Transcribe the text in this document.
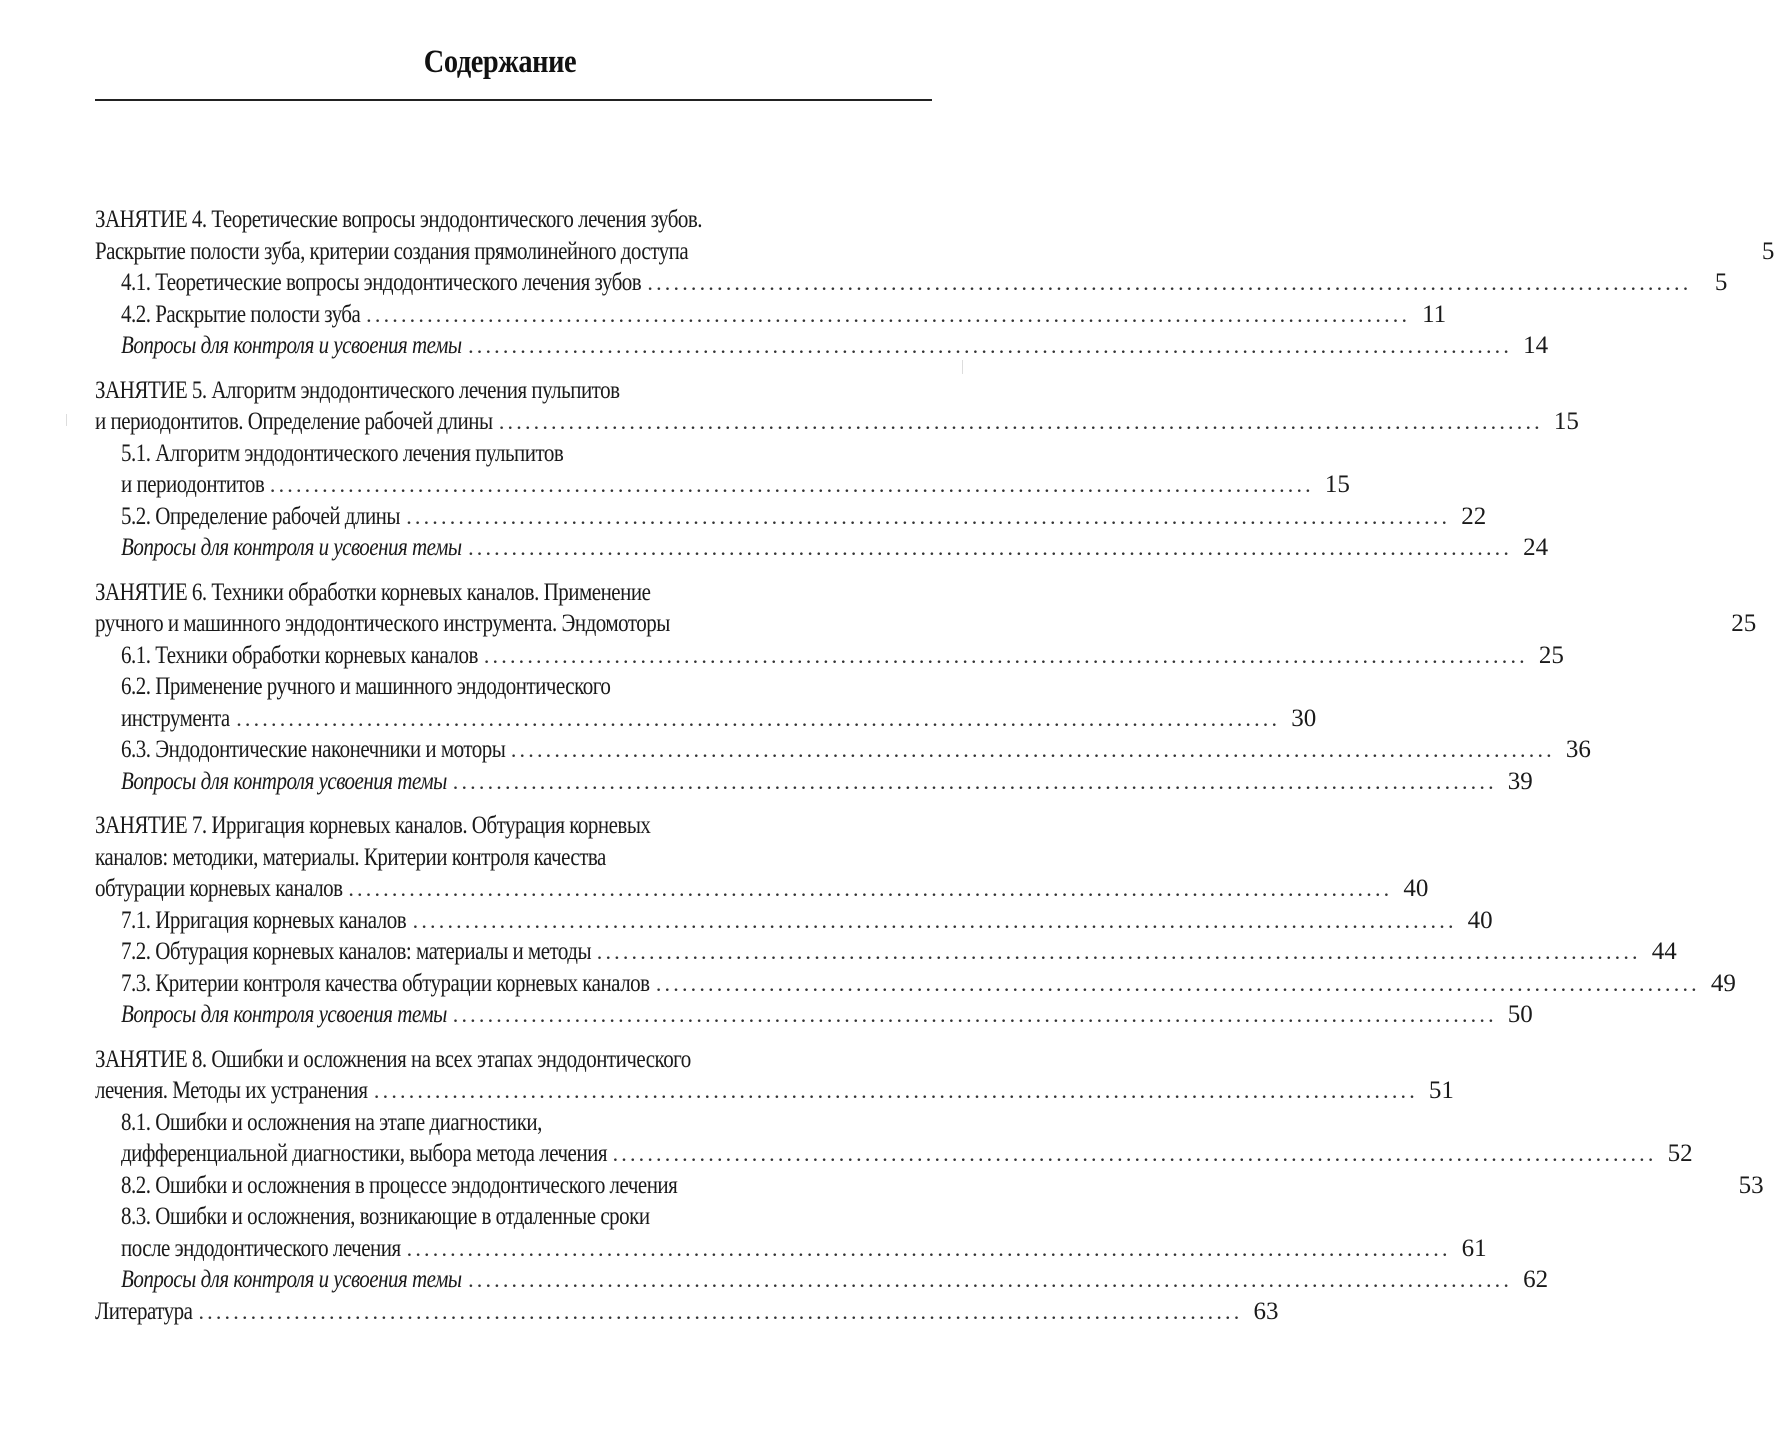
Содержание
ЗАНЯТИЕ 4. Теоретические вопросы эндодонтического лечения зубов.
Раскрытие полости зуба, критерии создания прямолинейного доступа	5
4.1. Теоретические вопросы эндодонтического лечения зубов ........................................................................................................................ 5
4.2. Раскрытие полости зуба ........................................................................................................................ 11
Вопросы для контроля и усвоения темы ........................................................................................................................ 14
ЗАНЯТИЕ 5. Алгоритм эндодонтического лечения пульпитов
и периодонтитов. Определение рабочей длины ........................................................................................................................ 15
5.1. Алгоритм эндодонтического лечения пульпитов
и периодонтитов ........................................................................................................................ 15
5.2. Определение рабочей длины ........................................................................................................................ 22
Вопросы для контроля и усвоения темы ........................................................................................................................ 24
ЗАНЯТИЕ 6. Техники обработки корневых каналов. Применение
ручного и машинного эндодонтического инструмента. Эндомоторы	25
6.1. Техники обработки корневых каналов ........................................................................................................................ 25
6.2. Применение ручного и машинного эндодонтического
инструмента ........................................................................................................................ 30
6.3. Эндодонтические наконечники и моторы ........................................................................................................................ 36
Вопросы для контроля усвоения темы ........................................................................................................................ 39
ЗАНЯТИЕ 7. Ирригация корневых каналов. Обтурация корневых
каналов: методики, материалы. Критерии контроля качества
обтурации корневых каналов ........................................................................................................................ 40
7.1. Ирригация корневых каналов ........................................................................................................................ 40
7.2. Обтурация корневых каналов: материалы и методы ........................................................................................................................ 44
7.3. Критерии контроля качества обтурации корневых каналов ........................................................................................................................ 49
Вопросы для контроля усвоения темы ........................................................................................................................ 50
ЗАНЯТИЕ 8. Ошибки и осложнения на всех этапах эндодонтического
лечения. Методы их устранения ........................................................................................................................ 51
8.1. Ошибки и осложнения на этапе диагностики,
дифференциальной диагностики, выбора метода лечения ........................................................................................................................ 52
8.2. Ошибки и осложнения в процессе эндодонтического лечения	53
8.3. Ошибки и осложнения, возникающие в отдаленные сроки
после эндодонтического лечения ........................................................................................................................ 61
Вопросы для контроля и усвоения темы ........................................................................................................................ 62
Литература ........................................................................................................................ 63
